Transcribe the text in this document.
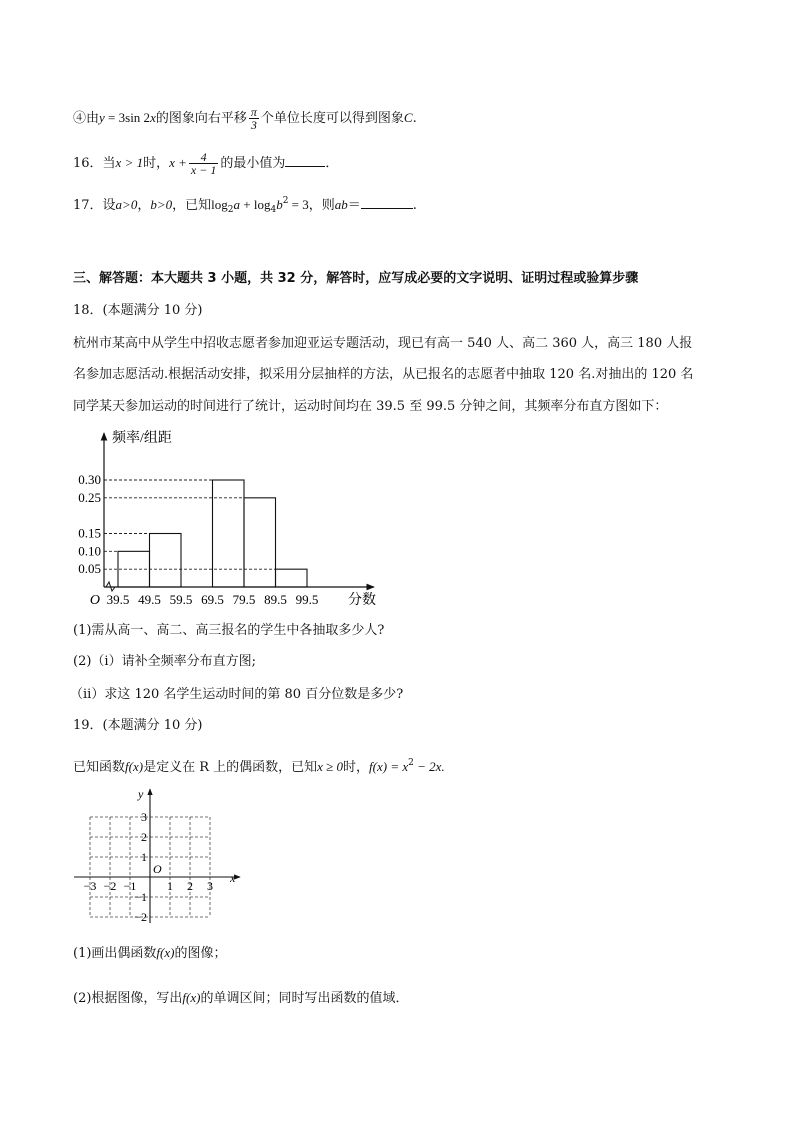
④由y = 3sin 2x的图象向右平移 $\frac{\pi}{3}$ 个单位长度可以得到图象C.
16．当x > 1时，$x + \frac{4}{x - 1}$ 的最小值为	．
17．设a>0，b>0，已知$\log_2a + \log_4b^2 = 3$，则ab＝	.
三、解答题：本大题共 3 小题，共 32 分，解答时，应写成必要的文字说明、证明过程或验算步骤
18．(本题满分 10 分)
杭州市某高中从学生中招收志愿者参加迎亚运专题活动，现已有高一 540 人、高二 360 人，高三 180 人报
名参加志愿活动.根据活动安排，拟采用分层抽样的方法，从已报名的志愿者中抽取 120 名.对抽出的 120 名
同学某天参加运动的时间进行了统计，运动时间均在 39.5 至 99.5 分钟之间，其频率分布直方图如下：
0.30
0.25
0.15
0.10
0.05
39.5 49.5 59.5 69.5 79.5 89.5 99.5
O
频率/组距
分数
(1)需从高一、高二、高三报名的学生中各抽取多少人?
(2)（i）请补全频率分布直方图;
（ii）求这 120 名学生运动时间的第 80 百分位数是多少?
19．(本题满分 10 分)
已知函数f(x)是定义在 R 上的偶函数，已知x ≥ 0时，$f(x) = x^2 - 2x$.
−3 −2 −1	1 2 3
3
2
1
−1
−2
O
x
y
(1)画出偶函数f(x)的图像；
(2)根据图像，写出f(x)的单调区间；同时写出函数的值域．
